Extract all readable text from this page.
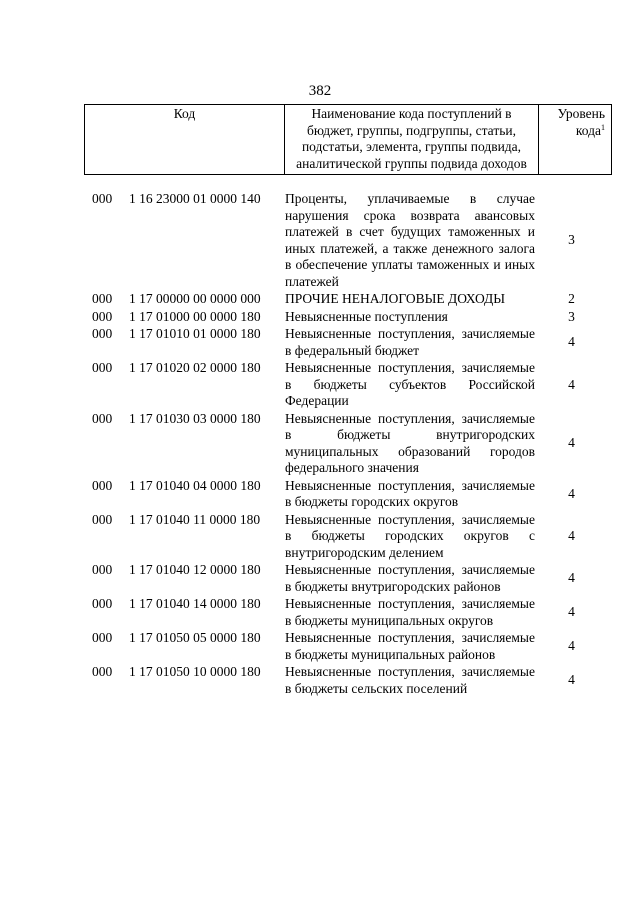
382
Код	Наименование кода поступлений в бюджет, группы, подгруппы, статьи, подстатьи, элемента, группы подвида, аналитической группы подвида доходов	Уровень кода$^1$
000	1 16 23000 01 0000 140	Проценты, уплачиваемые в случае нарушения срока возврата авансовых платежей в счет будущих таможенных и иных платежей, а также денежного залога в обеспечение уплаты таможенных и иных платежей	3
000	1 17 00000 00 0000 000	ПРОЧИЕ НЕНАЛОГОВЫЕ ДОХОДЫ	2
000	1 17 01000 00 0000 180	Невыясненные поступления	3
000	1 17 01010 01 0000 180	Невыясненные поступления, зачисляемые в федеральный бюджет	4
000	1 17 01020 02 0000 180	Невыясненные поступления, зачисляемые в бюджеты субъектов Российской Федерации	4
000	1 17 01030 03 0000 180	Невыясненные поступления, зачисляемые в бюджеты внутригородских муниципальных образований городов федерального значения	4
000	1 17 01040 04 0000 180	Невыясненные поступления, зачисляемые в бюджеты городских округов	4
000	1 17 01040 11 0000 180	Невыясненные поступления, зачисляемые в бюджеты городских округов с внутригородским делением	4
000	1 17 01040 12 0000 180	Невыясненные поступления, зачисляемые в бюджеты внутригородских районов	4
000	1 17 01040 14 0000 180	Невыясненные поступления, зачисляемые в бюджеты муниципальных округов	4
000	1 17 01050 05 0000 180	Невыясненные поступления, зачисляемые в бюджеты муниципальных районов	4
000	1 17 01050 10 0000 180	Невыясненные поступления, зачисляемые в бюджеты сельских поселений	4
